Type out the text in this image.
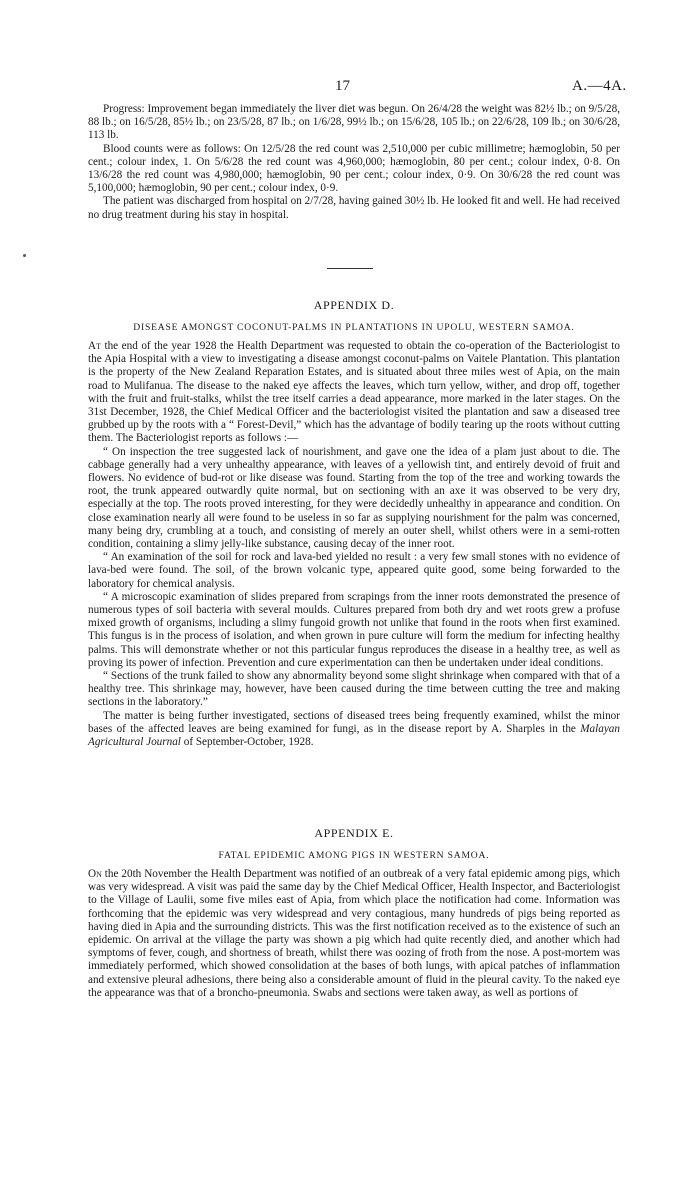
17	A.—4A.

Progress: Improvement began immediately the liver diet was begun. On 26/4/28 the weight was 82½ lb.; on 9/5/28, 88 lb.; on 16/5/28, 85½ lb.; on 23/5/28, 87 lb.; on 1/6/28, 99½ lb.; on 15/6/28, 105 lb.; on 22/6/28, 109 lb.; on 30/6/28, 113 lb.

Blood counts were as follows: On 12/5/28 the red count was 2,510,000 per cubic millimetre; hæmoglobin, 50 per cent.; colour index, 1. On 5/6/28 the red count was 4,960,000; hæmoglobin, 80 per cent.; colour index, 0·8. On 13/6/28 the red count was 4,980,000; hæmoglobin, 90 per cent.; colour index, 0·9. On 30/6/28 the red count was 5,100,000; hæmoglobin, 90 per cent.; colour index, 0·9.

The patient was discharged from hospital on 2/7/28, having gained 30½ lb. He looked fit and well. He had received no drug treatment during his stay in hospital.

APPENDIX D.
DISEASE AMONGST COCONUT-PALMS IN PLANTATIONS IN UPOLU, WESTERN SAMOA.

At the end of the year 1928 the Health Department was requested to obtain the co-operation of the Bacteriologist to the Apia Hospital with a view to investigating a disease amongst coconut-palms on Vaitele Plantation. This plantation is the property of the New Zealand Reparation Estates, and is situated about three miles west of Apia, on the main road to Mulifanua. The disease to the naked eye affects the leaves, which turn yellow, wither, and drop off, together with the fruit and fruit-stalks, whilst the tree itself carries a dead appearance, more marked in the later stages. On the 31st December, 1928, the Chief Medical Officer and the bacteriologist visited the plantation and saw a diseased tree grubbed up by the roots with a “ Forest-Devil,” which has the advantage of bodily tearing up the roots without cutting them. The Bacteriologist reports as follows :—

“ On inspection the tree suggested lack of nourishment, and gave one the idea of a plam just about to die. The cabbage generally had a very unhealthy appearance, with leaves of a yellowish tint, and entirely devoid of fruit and flowers. No evidence of bud-rot or like disease was found. Starting from the top of the tree and working towards the root, the trunk appeared outwardly quite normal, but on sectioning with an axe it was observed to be very dry, especially at the top. The roots proved interesting, for they were decidedly unhealthy in appearance and condition. On close examination nearly all were found to be useless in so far as supplying nourishment for the palm was concerned, many being dry, crumbling at a touch, and consisting of merely an outer shell, whilst others were in a semi-rotten condition, containing a slimy jelly-like substance, causing decay of the inner root.

“ An examination of the soil for rock and lava-bed yielded no result : a very few small stones with no evidence of lava-bed were found. The soil, of the brown volcanic type, appeared quite good, some being forwarded to the laboratory for chemical analysis.

“ A microscopic examination of slides prepared from scrapings from the inner roots demonstrated the presence of numerous types of soil bacteria with several moulds. Cultures prepared from both dry and wet roots grew a profuse mixed growth of organisms, including a slimy fungoid growth not unlike that found in the roots when first examined. This fungus is in the process of isolation, and when grown in pure culture will form the medium for infecting healthy palms. This will demonstrate whether or not this particular fungus reproduces the disease in a healthy tree, as well as proving its power of infection. Prevention and cure experimentation can then be undertaken under ideal conditions.

“ Sections of the trunk failed to show any abnormality beyond some slight shrinkage when compared with that of a healthy tree. This shrinkage may, however, have been caused during the time between cutting the tree and making sections in the laboratory.”

The matter is being further investigated, sections of diseased trees being frequently examined, whilst the minor bases of the affected leaves are being examined for fungi, as in the disease report by A. Sharples in the Malayan Agricultural Journal of September-October, 1928.

APPENDIX E.
FATAL EPIDEMIC AMONG PIGS IN WESTERN SAMOA.

On the 20th November the Health Department was notified of an outbreak of a very fatal epidemic among pigs, which was very widespread. A visit was paid the same day by the Chief Medical Officer, Health Inspector, and Bacteriologist to the Village of Laulii, some five miles east of Apia, from which place the notification had come. Information was forthcoming that the epidemic was very widespread and very contagious, many hundreds of pigs being reported as having died in Apia and the surrounding districts. This was the first notification received as to the existence of such an epidemic. On arrival at the village the party was shown a pig which had quite recently died, and another which had symptoms of fever, cough, and shortness of breath, whilst there was oozing of froth from the nose. A post-mortem was immediately performed, which showed consolidation at the bases of both lungs, with apical patches of inflammation and extensive pleural adhesions, there being also a considerable amount of fluid in the pleural cavity. To the naked eye the appearance was that of a broncho-pneumonia. Swabs and sections were taken away, as well as portions of
